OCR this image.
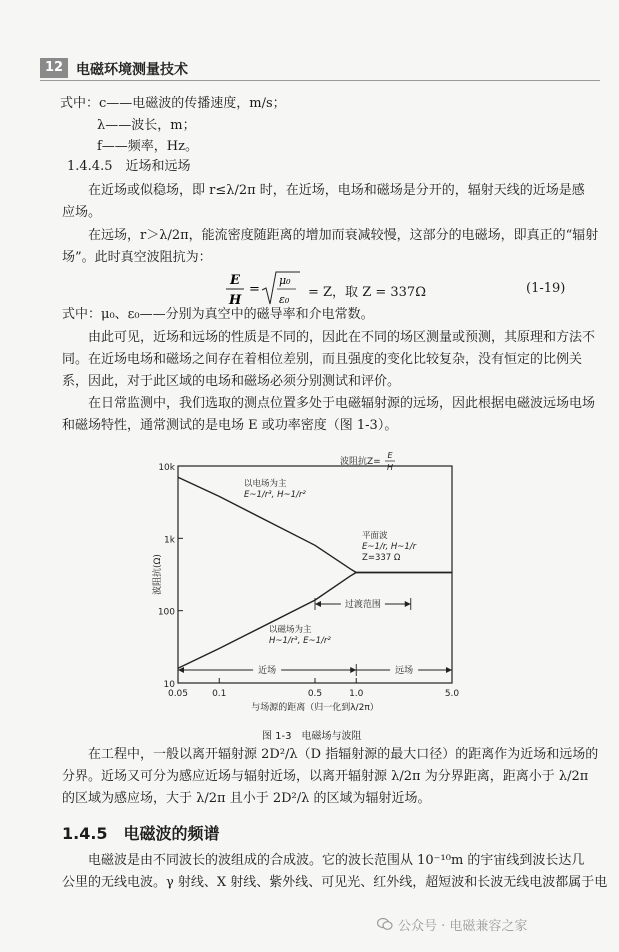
12 电磁环境测量技术
式中：c——电磁波的传播速度，m/s；
λ——波长，m；
f——频率，Hz。
1.4.4.5　近场和远场
在近场或似稳场，即 r≤λ/2π 时，在近场，电场和磁场是分开的，辐射天线的近场是感
应场。
在远场，r＞λ/2π，能流密度随距离的增加而衰减较慢，这部分的电磁场，即真正的“辐射
场”。此时真空波阻抗为：
E
H
=
μ₀
ε₀ = Z，取 Z = 337Ω	(1-19)
式中：μ₀、ε₀——分别为真空中的磁导率和介电常数。
由此可见，近场和远场的性质是不同的，因此在不同的场区测量或预测，其原理和方法不
同。在近场电场和磁场之间存在着相位差别，而且强度的变化比较复杂，没有恒定的比例关
系，因此，对于此区域的电场和磁场必须分别测试和评价。
在日常监测中，我们选取的测点位置多处于电磁辐射源的远场，因此根据电磁波远场电场
和磁场特性，通常测试的是电场 E 或功率密度（图 1-3）。
0.05	0.1	0.5	1.0	5.0
10
100
1k
10k
波阻抗(Ω)
与场源的距离（归一化到λ/2π）
波阻抗Z=
E
H
以电场为主
E~1/r³, H~1/r²
平面波
E~1/r, H~1/r
Z=337 Ω
以磁场为主
H~1/r³, E~1/r²
过渡范围
近场	远场
图 1-3　电磁场与波阻
在工程中，一般以离开辐射源 2D²/λ（D 指辐射源的最大口径）的距离作为近场和远场的
分界。近场又可分为感应近场与辐射近场，以离开辐射源 λ/2π 为分界距离，距离小于 λ/2π
的区域为感应场，大于 λ/2π 且小于 2D²/λ 的区域为辐射近场。
1.4.5　电磁波的频谱
电磁波是由不同波长的波组成的合成波。它的波长范围从 10⁻¹⁰m 的宇宙线到波长达几
公里的无线电波。γ 射线、X 射线、紫外线、可见光、红外线，超短波和长波无线电波都属于电
公众号 · 电磁兼容之家
